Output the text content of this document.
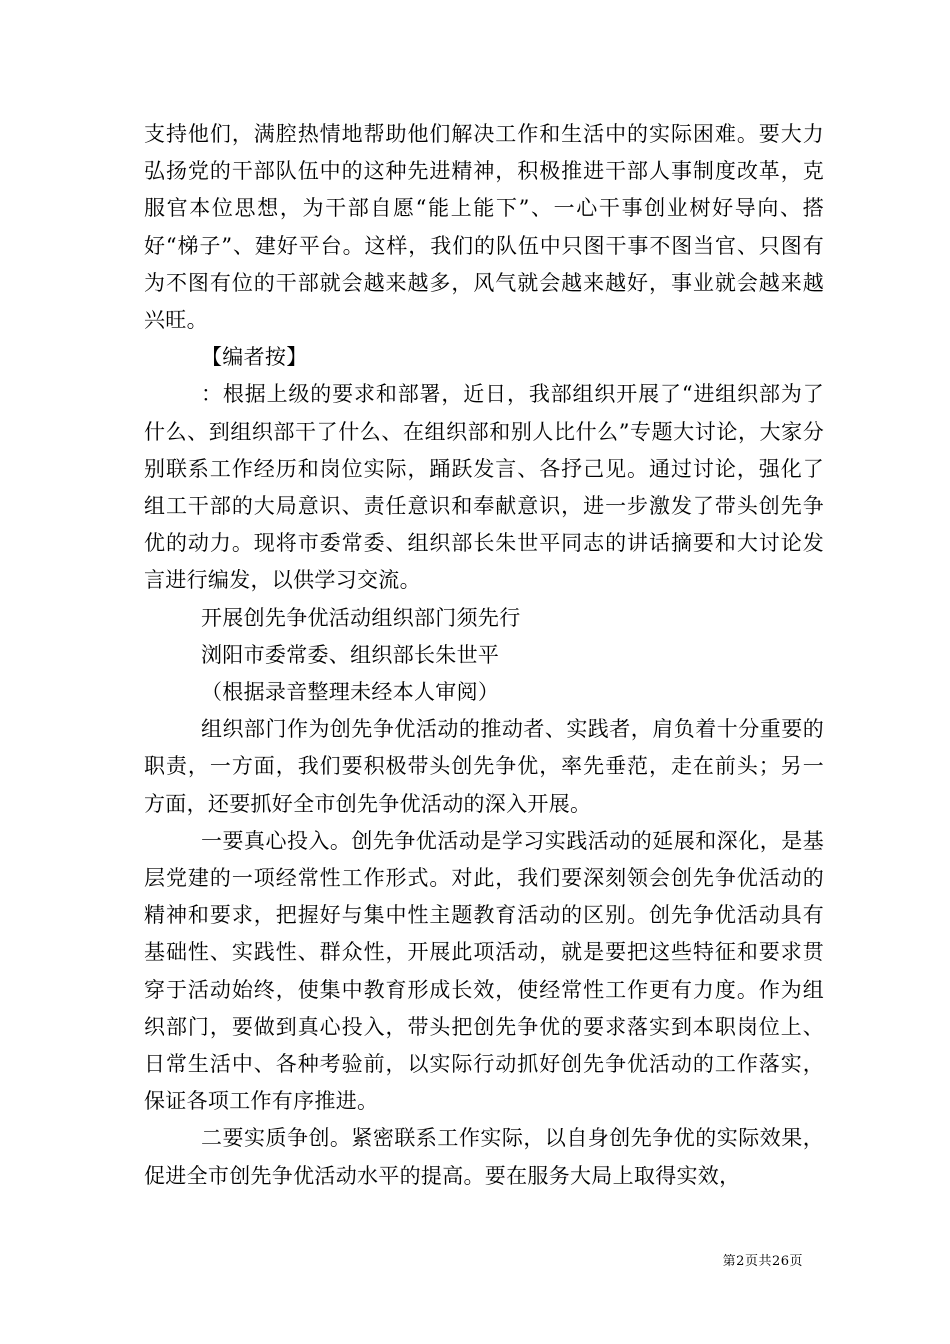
支持他们，满腔热情地帮助他们解决工作和生活中的实际困难。要大力弘扬党的干部队伍中的这种先进精神，积极推进干部人事制度改革，克服官本位思想，为干部自愿“能上能下”、一心干事创业树好导向、搭好“梯子”、建好平台。这样，我们的队伍中只图干事不图当官、只图有为不图有位的干部就会越来越多，风气就会越来越好，事业就会越来越兴旺。

【编者按】

：根据上级的要求和部署，近日，我部组织开展了“进组织部为了什么、到组织部干了什么、在组织部和别人比什么”专题大讨论，大家分别联系工作经历和岗位实际，踊跃发言、各抒己见。通过讨论，强化了组工干部的大局意识、责任意识和奉献意识，进一步激发了带头创先争优的动力。现将市委常委、组织部长朱世平同志的讲话摘要和大讨论发言进行编发，以供学习交流。

开展创先争优活动组织部门须先行

浏阳市委常委、组织部长朱世平

（根据录音整理未经本人审阅）

组织部门作为创先争优活动的推动者、实践者，肩负着十分重要的职责，一方面，我们要积极带头创先争优，率先垂范，走在前头；另一方面，还要抓好全市创先争优活动的深入开展。

一要真心投入。创先争优活动是学习实践活动的延展和深化，是基层党建的一项经常性工作形式。对此，我们要深刻领会创先争优活动的精神和要求，把握好与集中性主题教育活动的区别。创先争优活动具有基础性、实践性、群众性，开展此项活动，就是要把这些特征和要求贯穿于活动始终，使集中教育形成长效，使经常性工作更有力度。作为组织部门，要做到真心投入，带头把创先争优的要求落实到本职岗位上、日常生活中、各种考验前，以实际行动抓好创先争优活动的工作落实，保证各项工作有序推进。

二要实质争创。紧密联系工作实际，以自身创先争优的实际效果，促进全市创先争优活动水平的提高。要在服务大局上取得实效，

第2页共26页
